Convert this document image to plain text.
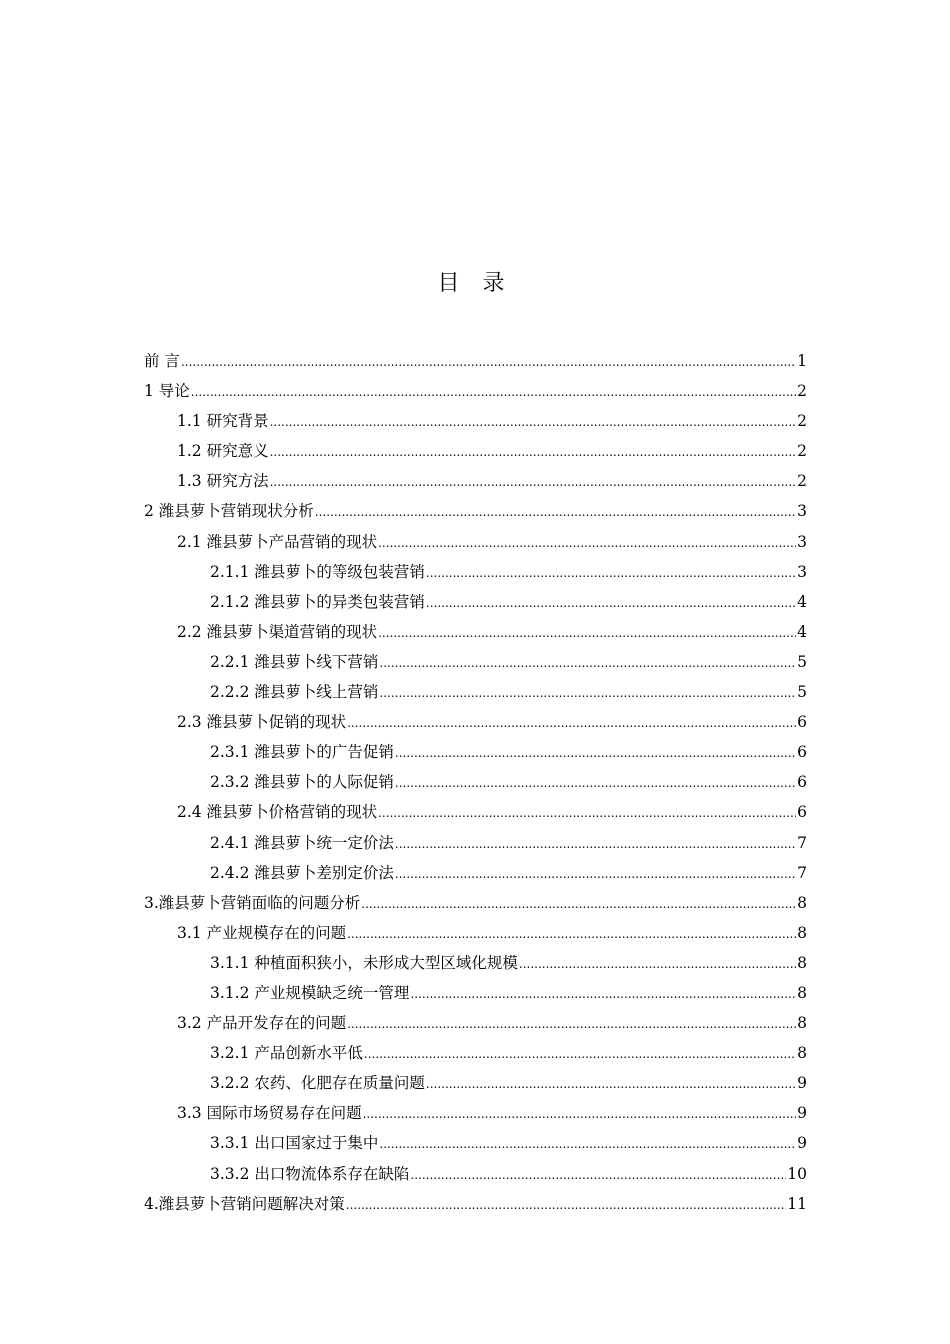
目 录
前 言 .....	1
1 导论 .....	2
1.1 研究背景 .....	2
1.2 研究意义 .....	2
1.3 研究方法 .....	2
2 潍县萝卜营销现状分析 .....	3
2.1 潍县萝卜产品营销的现状 .....	3
2.1.1 潍县萝卜的等级包装营销 .....	3
2.1.2 潍县萝卜的异类包装营销 .....	4
2.2 潍县萝卜渠道营销的现状 .....	4
2.2.1 潍县萝卜线下营销 .....	5
2.2.2 潍县萝卜线上营销 .....	5
2.3 潍县萝卜促销的现状 .....	6
2.3.1 潍县萝卜的广告促销 .....	6
2.3.2 潍县萝卜的人际促销 .....	6
2.4 潍县萝卜价格营销的现状 .....	6
2.4.1 潍县萝卜统一定价法 .....	7
2.4.2 潍县萝卜差别定价法 .....	7
3.潍县萝卜营销面临的问题分析 .....	8
3.1 产业规模存在的问题 .....	8
3.1.1 种植面积狭小，未形成大型区域化规模 .....	8
3.1.2 产业规模缺乏统一管理 .....	8
3.2 产品开发存在的问题 .....	8
3.2.1 产品创新水平低 .....	8
3.2.2 农药、化肥存在质量问题 .....	9
3.3 国际市场贸易存在问题 .....	9
3.3.1 出口国家过于集中 .....	9
3.3.2 出口物流体系存在缺陷 .....	10
4.潍县萝卜营销问题解决对策 .....	11
